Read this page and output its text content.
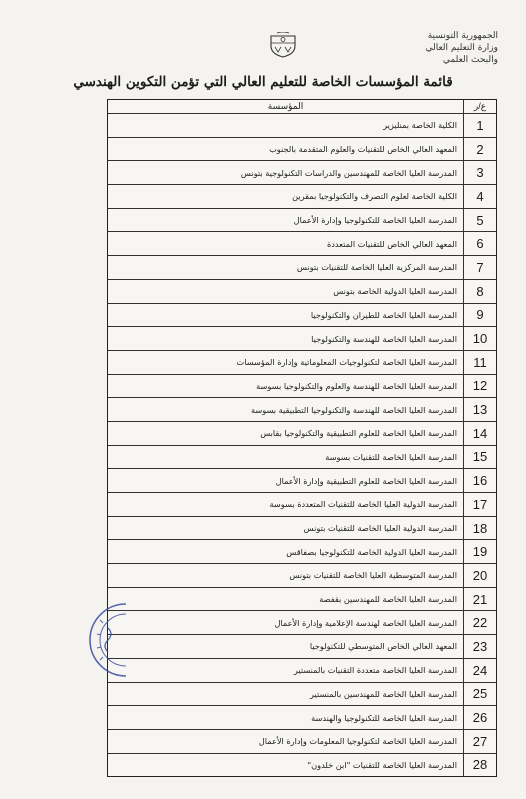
الجمهورية التونسية
وزارة التعليم العالي
والبحث العلمي
قائمة المؤسسات الخاصة للتعليم العالي التي تؤمن التكوين الهندسي
ع/ر
المؤسسة
1
الكلية الخاصة بمنليزير
2
المعهد العالي الخاص للتقنيات والعلوم المتقدمة بالجنوب
3
المدرسة العليا الخاصة للمهندسين والدراسات التكنولوجية بتونس
4
الكلية الخاصة لعلوم التصرف والتكنولوجيا بمقرين
5
المدرسة العليا الخاصة للتكنولوجيا وإدارة الأعمال
6
المعهد العالي الخاص للتقنيات المتعددة
7
المدرسة المركزية العليا الخاصة للتقنيات بتونس
8
المدرسة العليا الدولية الخاصة بتونس
9
المدرسة العليا الخاصة للطيران والتكنولوجيا
10
المدرسة العليا الخاصة للهندسة والتكنولوجيا
11
المدرسة العليا الخاصة لتكنولوجيات المعلوماتية وإدارة المؤسسات
12
المدرسة العليا الخاصة للهندسة والعلوم والتكنولوجيا بسوسة
13
المدرسة العليا الخاصة للهندسة والتكنولوجيا التطبيقية بسوسة
14
المدرسة العليا الخاصة للعلوم التطبيقية والتكنولوجيا بقابس
15
المدرسة العليا الخاصة للتقنيات بسوسة
16
المدرسة العليا الخاصة للعلوم التطبيقية وإدارة الأعمال
17
المدرسة الدولية العليا الخاصة للتقنيات المتعددة بسوسة
18
المدرسة الدولية العليا الخاصة للتقنيات بتونس
19
المدرسة العليا الدولية الخاصة للتكنولوجيا بصفاقس
20
المدرسة المتوسطية العليا الخاصة للتقنيات بتونس
21
المدرسة العليا الخاصة للمهندسين بقفصة
22
المدرسة العليا الخاصة لهندسة الإعلامية وإدارة الأعمال
23
المعهد العالي الخاص المتوسطي للتكنولوجيا
24
المدرسة العليا الخاصة متعددة التقنيات بالمنستير
25
المدرسة العليا الخاصة للمهندسين بالمنستير
26
المدرسة العليا الخاصة للتكنولوجيا والهندسة
27
المدرسة العليا الخاصة لتكنولوجيا المعلومات وإدارة الأعمال
28
المدرسة العليا الخاصة للتقنيات "ابن خلدون"
